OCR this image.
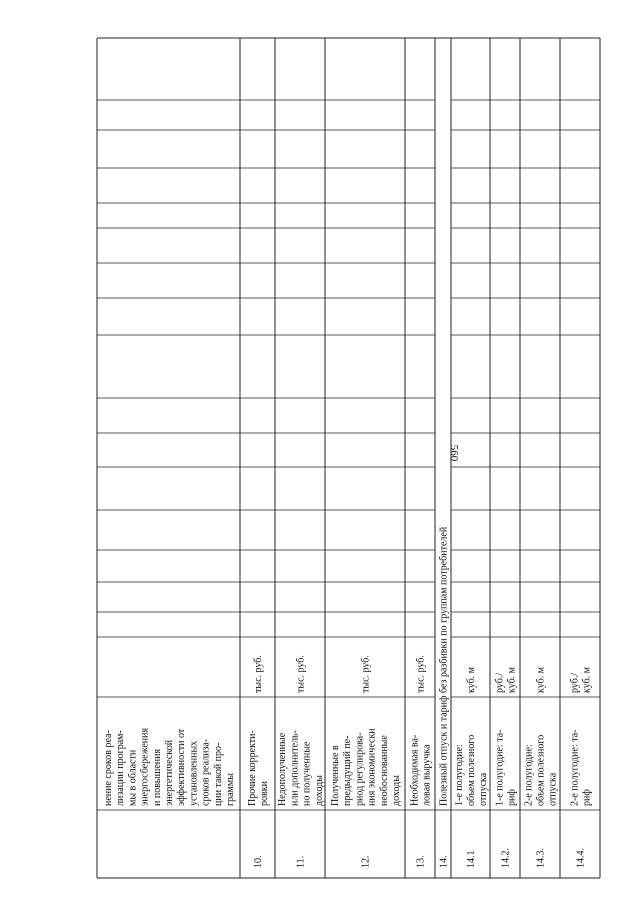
560
нение сроков реа- лизации програм- мы в области энергосбережения и повышения энергетической эффективности от установленных сроков реализа- ции такой про- граммы
10.
Прочие корректи- ровки
тыс. руб.
11.
Недополученные или дополнитель- но полученные доходы
тыс. руб.
12.
Полученные в предыдущий пе- риод регулирова- ния экономически необоснованные доходы
тыс. руб.
13.
Необходимая ва- ловая выручка
тыс. руб.
14.
Полезный отпуск и тариф без разбивки по группам потребителей
14.1
1-е полугодие: объем полезного отпуска
куб. м
14.2.
1-е полугодие: та- риф
руб./ куб. м
14.3.
2-е полугодие: объем полезного отпуска
куб. м
14.4.
2-е полугодие: та- риф
руб./ куб. м
